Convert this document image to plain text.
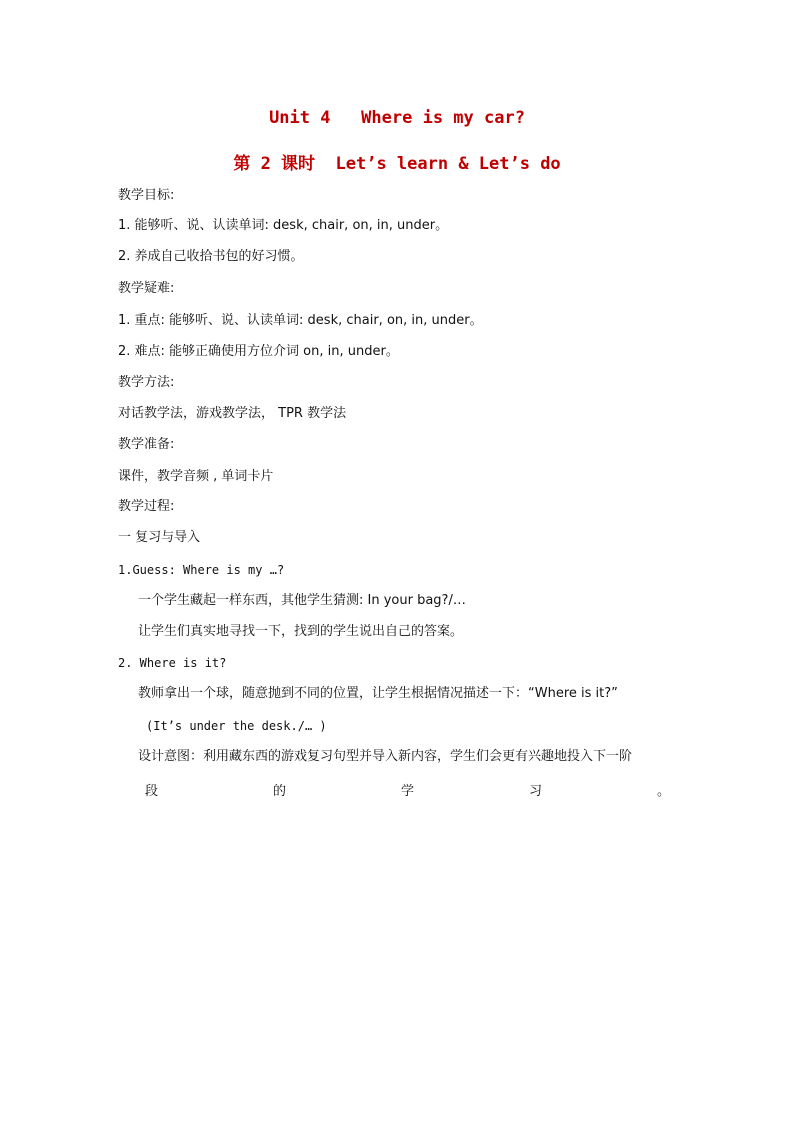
Unit 4   Where is my car?
第 2 课时  Let’s learn & Let’s do
教学目标:
1. 能够听、说、认读单词: desk, chair, on, in, under。
2. 养成自己收拾书包的好习惯。
教学疑难:
1. 重点: 能够听、说、认读单词: desk, chair, on, in, under。
2. 难点: 能够正确使用方位介词 on, in, under。
教学方法:
对话教学法，游戏教学法， TPR 教学法
教学准备:
课件，教学音频 , 单词卡片
教学过程:
一 复习与导入
1.Guess: Where is my …?
一个学生藏起一样东西，其他学生猜测: In your bag?/…
让学生们真实地寻找一下，找到的学生说出自己的答案。
2. Where is it?
教师拿出一个球，随意抛到不同的位置，让学生根据情况描述一下：“Where is it?”
(It’s under the desk./… )
设计意图：利用藏东西的游戏复习句型并导入新内容，学生们会更有兴趣地投入下一阶
段	的	学	习	。
